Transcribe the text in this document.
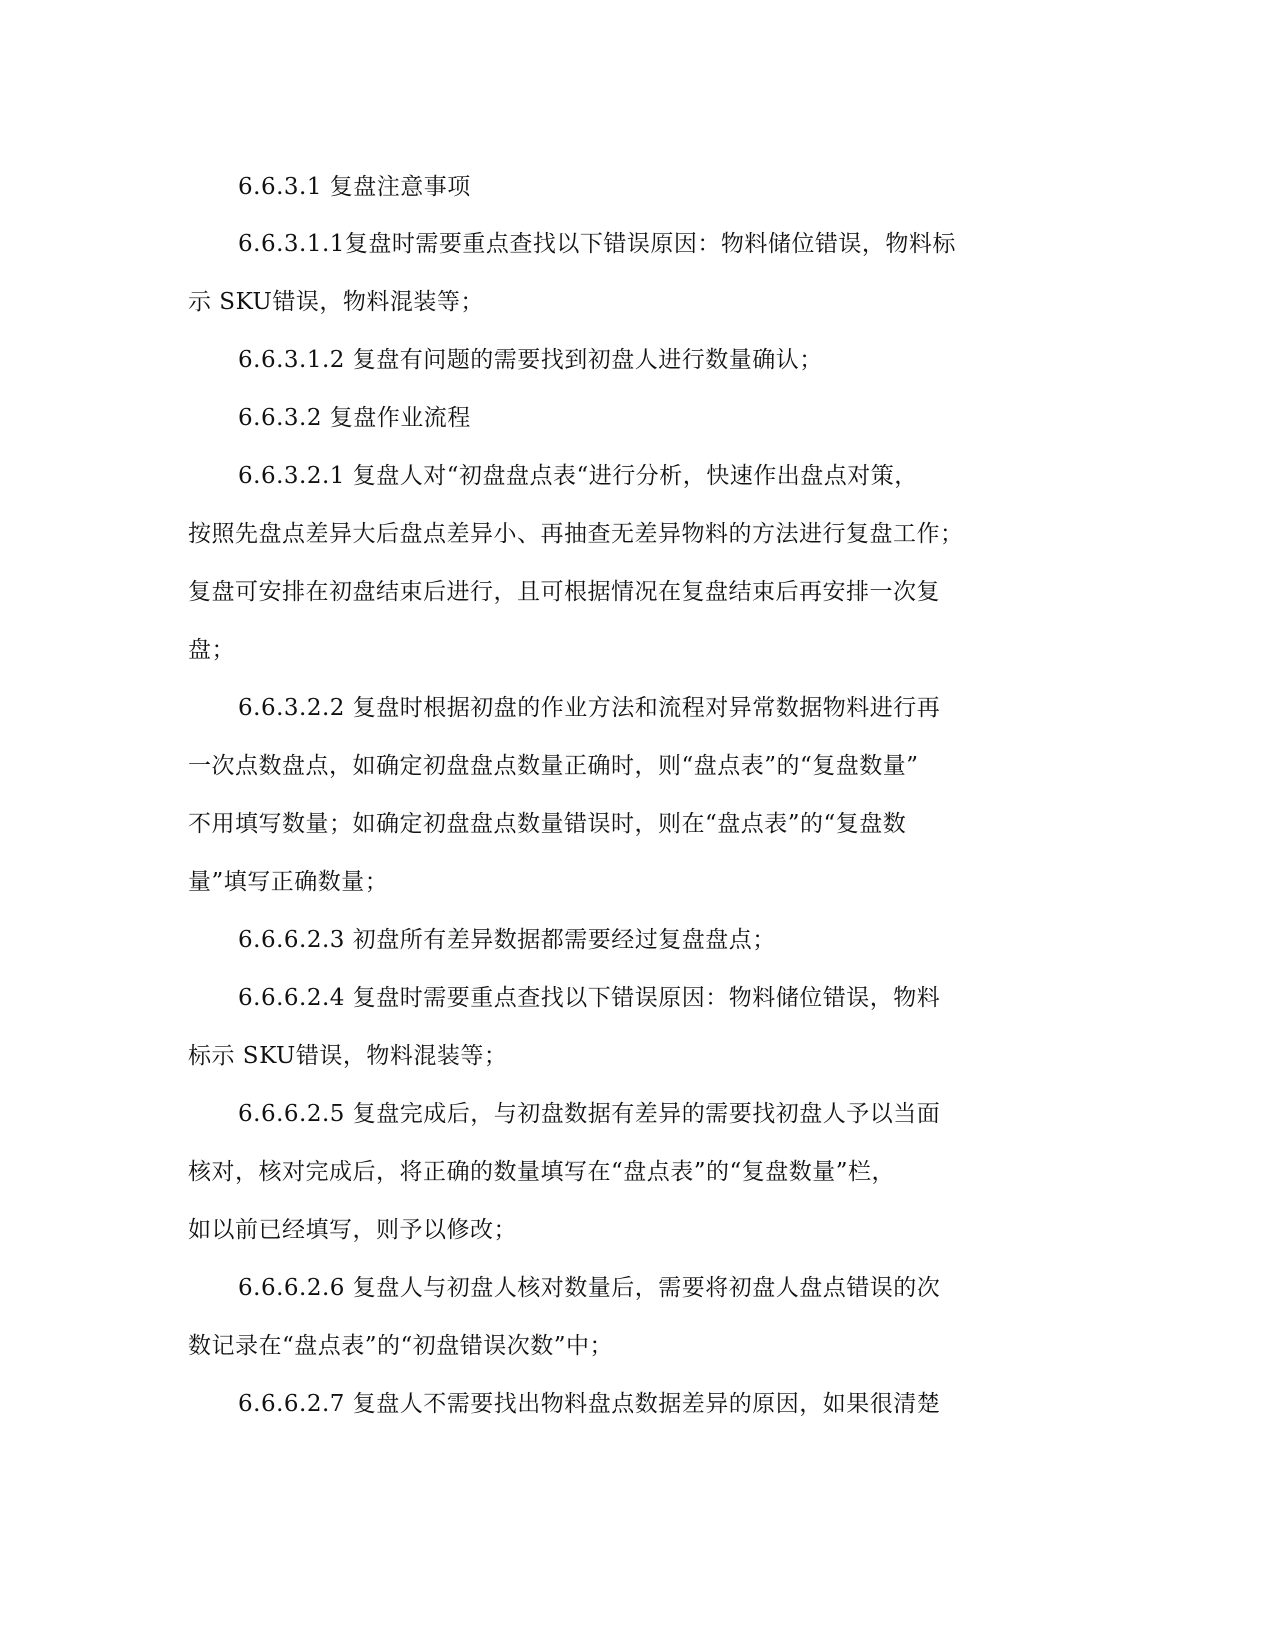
6.6.3.1 复盘注意事项
6.6.3.1.1复盘时需要重点查找以下错误原因：物料储位错误，物料标
示 SKU错误，物料混装等；
6.6.3.1.2 复盘有问题的需要找到初盘人进行数量确认；
6.6.3.2 复盘作业流程
6.6.3.2.1 复盘人对“初盘盘点表“进行分析，快速作出盘点对策，
按照先盘点差异大后盘点差异小、再抽查无差异物料的方法进行复盘工作；
复盘可安排在初盘结束后进行，且可根据情况在复盘结束后再安排一次复
盘；
6.6.3.2.2 复盘时根据初盘的作业方法和流程对异常数据物料进行再
一次点数盘点，如确定初盘盘点数量正确时，则“盘点表”的“复盘数量”
不用填写数量；如确定初盘盘点数量错误时，则在“盘点表”的“复盘数
量”填写正确数量；
6.6.6.2.3 初盘所有差异数据都需要经过复盘盘点；
6.6.6.2.4 复盘时需要重点查找以下错误原因：物料储位错误，物料
标示 SKU错误，物料混装等；
6.6.6.2.5 复盘完成后，与初盘数据有差异的需要找初盘人予以当面
核对，核对完成后，将正确的数量填写在“盘点表”的“复盘数量”栏，
如以前已经填写，则予以修改；
6.6.6.2.6 复盘人与初盘人核对数量后，需要将初盘人盘点错误的次
数记录在“盘点表”的“初盘错误次数”中；
6.6.6.2.7 复盘人不需要找出物料盘点数据差异的原因，如果很清楚
